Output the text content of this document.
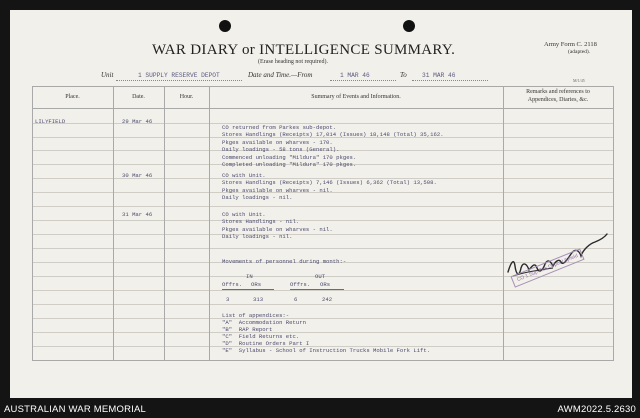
WAR DIARY or INTELLIGENCE SUMMARY.
(Erase heading not required).
Army Form C. 2118
(adapted).
Unit	1 SUPPLY RESERVE DEPOT	Date and Time.—From	1 MAR 46	To 31 MAR 46
M/1/45
Place.	Date.	Hour.	Summary of Events and Information.
Remarks and references to
Appendices, Diaries, &c.
LILYFIELD	29 Mar 46
CO returned from Parkes sub-depot.
Stores Handlings (Receipts) 17,014 (Issues) 18,148 (Total) 35,162.
Pkges available on wharves - 170.
Daily loadings - 58 tons (General).
Commenced unloading "Mildura" 170 pkges.
Completed unloading "Mildura" 170 pkges.
30 Mar 46	CO with Unit.
Stores Handlings (Receipts) 7,146 (Issues) 6,362 (Total) 13,508.
Pkges available on wharves - nil.
Daily loadings - nil.
31 Mar 46	CO with Unit.
Stores Handlings - nil.
Pkges available on wharves - nil.
Daily loadings - nil.
Movements of personnel during month:-
IN	OUT
Offrs. ORs	Offrs. ORs
3	313	6	242
List of appendices:-
"A"  Accommodation Return
"B"  RAP Report
"C"  Field Returns etc.
"D"  Routine Orders Part I
"E"  Syllabus - School of Instruction Trucks Mobile Fork Lift.
CO 1 Sup Res Depot Lilyfield
AUSTRALIAN WAR MEMORIAL	AWM2022.5.2630
